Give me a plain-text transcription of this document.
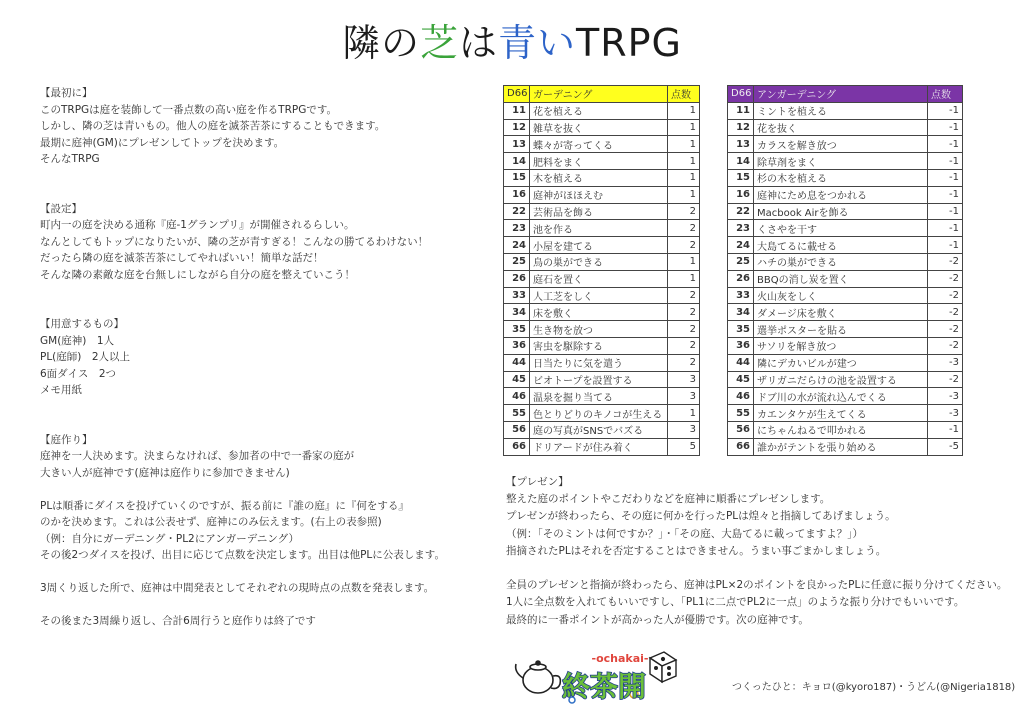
隣の芝は青いTRPG

【最初に】

このTRPGは庭を装飾して一番点数の高い庭を作るTRPGです。

しかし、隣の芝は青いもの。他人の庭を滅茶苦茶にすることもできます。

最期に庭神(GM)にプレゼンしてトップを決めます。

そんなTRPG

【設定】

町内一の庭を決める通称『庭-1グランプリ』が開催されるらしい。

なんとしてもトップになりたいが、隣の芝が青すぎる！こんなの勝てるわけない！

だったら隣の庭を滅茶苦茶にしてやればいい！簡単な話だ！

そんな隣の素敵な庭を台無しにしながら自分の庭を整えていこう！

【用意するもの】

GM(庭神)　1人

PL(庭師)　2人以上

6面ダイス　2つ

メモ用紙

【庭作り】

庭神を一人決めます。決まらなければ、参加者の中で一番家の庭が

大きい人が庭神です(庭神は庭作りに参加できません)

PLは順番にダイスを投げていくのですが、振る前に『誰の庭』に『何をする』

のかを決めます。これは公表せず、庭神にのみ伝えます。(右上の表参照)

（例：自分にガーデニング・PL2にアンガーデニング）

その後2つダイスを投げ、出目に応じて点数を決定します。出目は他PLに公表します。

3周くり返した所で、庭神は中間発表としてそれぞれの現時点の点数を発表します。

その後また3周繰り返し、合計6周行うと庭作りは終了です

D66	ガーデニング	点数
11	花を植える	1
12	雑草を抜く	1
13	蝶々が寄ってくる	1
14	肥料をまく	1
15	木を植える	1
16	庭神がほほえむ	1
22	芸術品を飾る	2
23	池を作る	2
24	小屋を建てる	2
25	鳥の巣ができる	1
26	庭石を置く	1
33	人工芝をしく	2
34	床を敷く	2
35	生き物を放つ	2
36	害虫を駆除する	2
44	日当たりに気を遣う	2
45	ビオトープを設置する	3
46	温泉を掘り当てる	3
55	色とりどりのキノコが生える	1
56	庭の写真がSNSでバズる	3
66	ドリアードが住み着く	5
D66	アンガーデニング	点数
11	ミントを植える	-1
12	花を抜く	-1
13	カラスを解き放つ	-1
14	除草剤をまく	-1
15	杉の木を植える	-1
16	庭神にため息をつかれる	-1
22	Macbook Airを飾る	-1
23	くさやを干す	-1
24	大島てるに載せる	-1
25	ハチの巣ができる	-2
26	BBQの消し炭を置く	-2
33	火山灰をしく	-2
34	ダメージ床を敷く	-2
35	選挙ポスターを貼る	-2
36	サソリを解き放つ	-2
44	隣にデカいビルが建つ	-3
45	ザリガニだらけの池を設置する	-2
46	ドブ川の水が流れ込んでくる	-3
55	カエンタケが生えてくる	-3
56	にちゃんねるで叩かれる	-1
66	誰かがテントを張り始める	-5

【プレゼン】

整えた庭のポイントやこだわりなどを庭神に順番にプレゼンします。

プレゼンが終わったら、その庭に何かを行ったPLは煌々と指摘してあげましょう。

（例：「そのミントは何ですか？」・「その庭、大島てるに載ってますよ？」）

指摘されたPLはそれを否定することはできません。うまい事ごまかしましょう。

全員のプレゼンと指摘が終わったら、庭神はPL×2のポイントを良かったPLに任意に振り分けてください。

1人に全点数を入れてもいいですし、「PL1に二点でPL2に一点」のような振り分けでもいいです。

最終的に一番ポイントが高かった人が優勝です。次の庭神です。

-ochakai-
終茶開	つくったひと：キョロ(@kyoro187)・うどん(@Nigeria1818)
